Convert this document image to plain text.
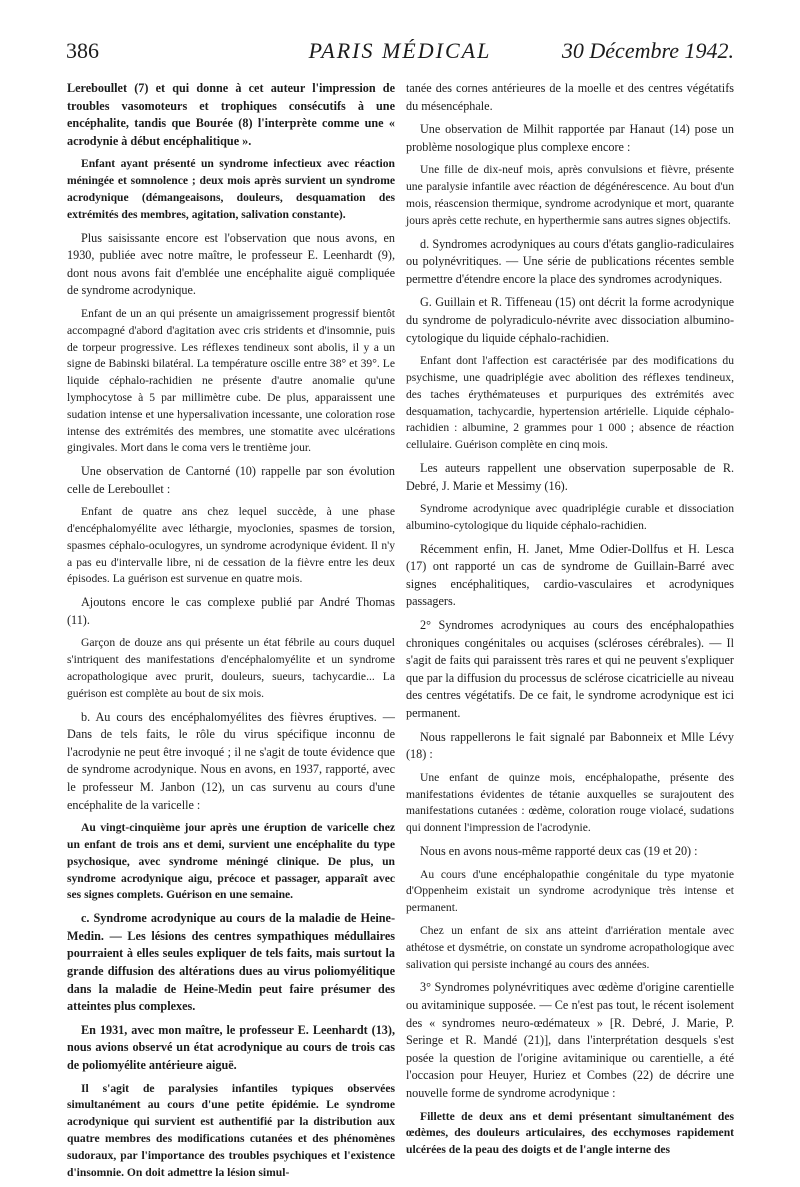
386	PARIS MÉDICAL	30 Décembre 1942.

Lereboullet (7) et qui donne à cet auteur l'impression de troubles vasomoteurs et trophiques consécutifs à une encéphalite, tandis que Bourée (8) l'interprète comme une « acrodynie à début encéphalitique ».

Enfant ayant présenté un syndrome infectieux avec réaction méningée et somnolence ; deux mois après survient un syndrome acrodynique (démangeaisons, douleurs, desquamation des extrémités des membres, agitation, salivation constante).

Plus saisissante encore est l'observation que nous avons, en 1930, publiée avec notre maître, le professeur E. Leenhardt (9), dont nous avons fait d'emblée une encéphalite aiguë compliquée de syndrome acrodynique.

Enfant de un an qui présente un amaigrissement progressif bientôt accompagné d'abord d'agitation avec cris stridents et d'insomnie, puis de torpeur progressive. Les réflexes tendineux sont abolis, il y a un signe de Babinski bilatéral. La température oscille entre 38° et 39°. Le liquide céphalo-rachidien ne présente d'autre anomalie qu'une lymphocytose à 5 par millimètre cube. De plus, apparaissent une sudation intense et une hypersalivation incessante, une coloration rose intense des extrémités des membres, une stomatite avec ulcérations gingivales. Mort dans le coma vers le trentième jour.

Une observation de Cantorné (10) rappelle par son évolution celle de Lereboullet :

Enfant de quatre ans chez lequel succède, à une phase d'encéphalomyélite avec léthargie, myoclonies, spasmes de torsion, spasmes céphalo-oculogyres, un syndrome acrodynique évident. Il n'y a pas eu d'intervalle libre, ni de cessation de la fièvre entre les deux épisodes. La guérison est survenue en quatre mois.

Ajoutons encore le cas complexe publié par André Thomas (11).

Garçon de douze ans qui présente un état fébrile au cours duquel s'intriquent des manifestations d'encéphalomyélite et un syndrome acropathologique avec prurit, douleurs, sueurs, tachycardie... La guérison est complète au bout de six mois.

b. Au cours des encéphalomyélites des fièvres éruptives. — Dans de tels faits, le rôle du virus spécifique inconnu de l'acrodynie ne peut être invoqué ; il ne s'agit de toute évidence que de syndrome acrodynique. Nous en avons, en 1937, rapporté, avec le professeur M. Janbon (12), un cas survenu au cours d'une encéphalite de la varicelle :

Au vingt-cinquième jour après une éruption de varicelle chez un enfant de trois ans et demi, survient une encéphalite du type psychosique, avec syndrome méningé clinique. De plus, un syndrome acrodynique aigu, précoce et passager, apparaît avec ses signes complets. Guérison en une semaine.

c. Syndrome acrodynique au cours de la maladie de Heine-Medin. — Les lésions des centres sympathiques médullaires pourraient à elles seules expliquer de tels faits, mais surtout la grande diffusion des altérations dues au virus poliomyélitique dans la maladie de Heine-Medin peut faire présumer des atteintes plus complexes.

En 1931, avec mon maître, le professeur E. Leenhardt (13), nous avions observé un état acrodynique au cours de trois cas de poliomyélite antérieure aiguë.

Il s'agit de paralysies infantiles typiques observées simultanément au cours d'une petite épidémie. Le syndrome acrodynique qui survient est authentifié par la distribution aux quatre membres des modifications cutanées et des phénomènes sudoraux, par l'importance des troubles psychiques et l'existence d'insomnie. On doit admettre la lésion simul-

tanée des cornes antérieures de la moelle et des centres végétatifs du mésencéphale.

Une observation de Milhit rapportée par Hanaut (14) pose un problème nosologique plus complexe encore :

Une fille de dix-neuf mois, après convulsions et fièvre, présente une paralysie infantile avec réaction de dégénérescence. Au bout d'un mois, réascension thermique, syndrome acrodynique et mort, quarante jours après cette rechute, en hyperthermie sans autres signes objectifs.

d. Syndromes acrodyniques au cours d'états ganglio-radiculaires ou polynévritiques. — Une série de publications récentes semble permettre d'étendre encore la place des syndromes acrodyniques.

G. Guillain et R. Tiffeneau (15) ont décrit la forme acrodynique du syndrome de polyradiculo-névrite avec dissociation albumino-cytologique du liquide céphalo-rachidien.

Enfant dont l'affection est caractérisée par des modifications du psychisme, une quadriplégie avec abolition des réflexes tendineux, des taches érythémateuses et purpuriques des extrémités avec desquamation, tachycardie, hypertension artérielle. Liquide céphalo-rachidien : albumine, 2 grammes pour 1 000 ; absence de réaction cellulaire. Guérison complète en cinq mois.

Les auteurs rappellent une observation superposable de R. Debré, J. Marie et Messimy (16).

Syndrome acrodynique avec quadriplégie curable et dissociation albumino-cytologique du liquide céphalo-rachidien.

Récemment enfin, H. Janet, Mme Odier-Dollfus et H. Lesca (17) ont rapporté un cas de syndrome de Guillain-Barré avec signes encéphalitiques, cardio-vasculaires et acrodyniques passagers.

2° Syndromes acrodyniques au cours des encéphalopathies chroniques congénitales ou acquises (scléroses cérébrales). — Il s'agit de faits qui paraissent très rares et qui ne peuvent s'expliquer que par la diffusion du processus de sclérose cicatricielle au niveau des centres végétatifs. De ce fait, le syndrome acrodynique est ici permanent.

Nous rappellerons le fait signalé par Babonneix et Mlle Lévy (18) :

Une enfant de quinze mois, encéphalopathe, présente des manifestations évidentes de tétanie auxquelles se surajoutent des manifestations cutanées : œdème, coloration rouge violacé, sudations qui donnent l'impression de l'acrodynie.

Nous en avons nous-même rapporté deux cas (19 et 20) :

Au cours d'une encéphalopathie congénitale du type myatonie d'Oppenheim existait un syndrome acrodynique très intense et permanent.

Chez un enfant de six ans atteint d'arriération mentale avec athétose et dysmétrie, on constate un syndrome acropathologique avec salivation qui persiste inchangé au cours des années.

3° Syndromes polynévritiques avec œdème d'origine carentielle ou avitaminique supposée. — Ce n'est pas tout, le récent isolement des « syndromes neuro-œdémateux » [R. Debré, J. Marie, P. Seringe et R. Mandé (21)], dans l'interprétation desquels s'est posée la question de l'origine avitaminique ou carentielle, a été l'occasion pour Heuyer, Huriez et Combes (22) de décrire une nouvelle forme de syndrome acrodynique :

Fillette de deux ans et demi présentant simultanément des œdèmes, des douleurs articulaires, des ecchymoses rapidement ulcérées de la peau des doigts et de l'angle interne des
